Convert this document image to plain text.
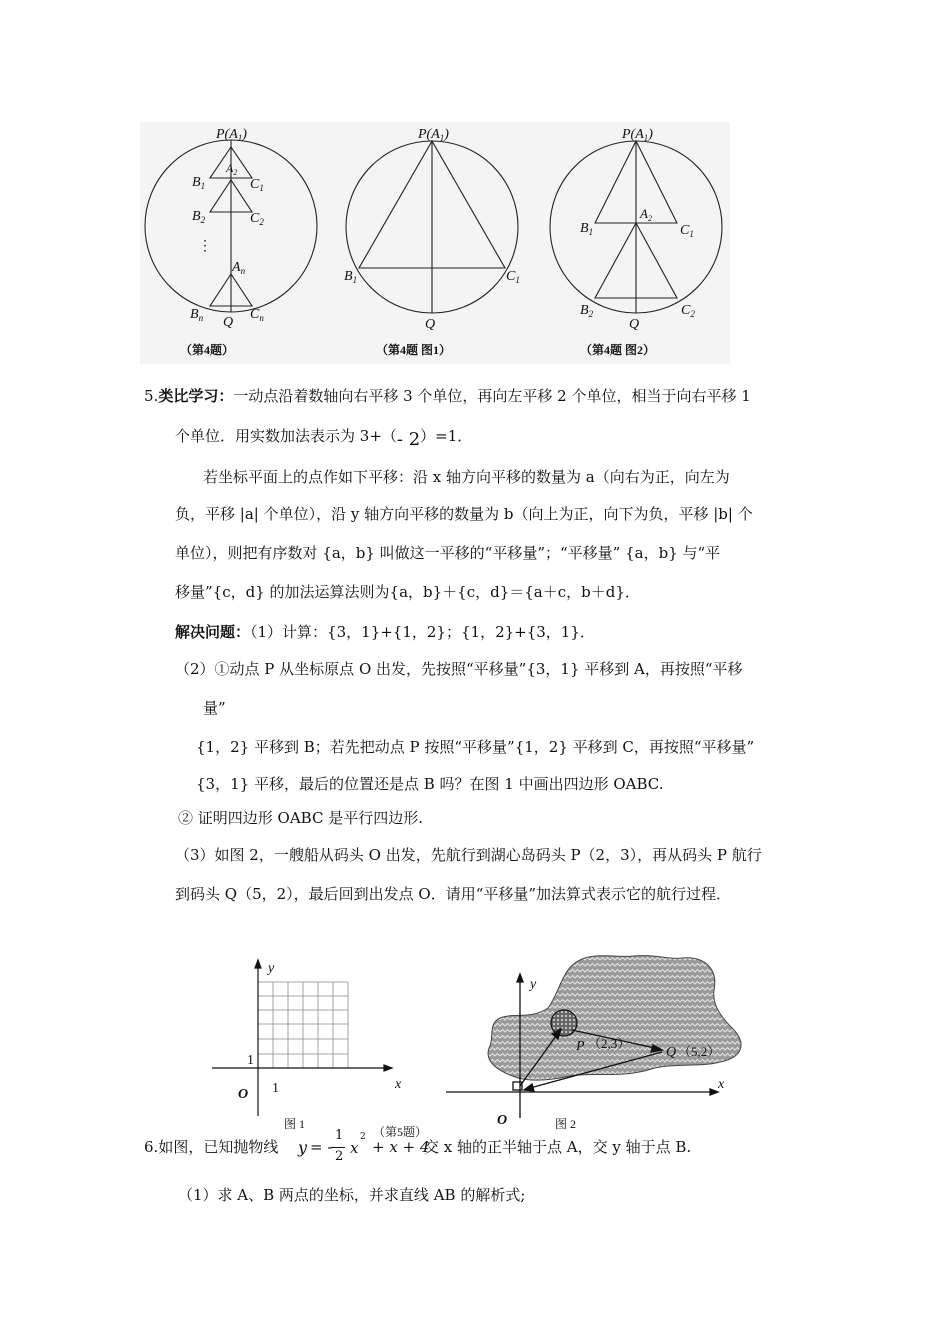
$P(A_1)$
$A_2$
$B_1$	$C_1$
$B_2$	$C_2$
⋮
$A_n$
$B_n$ Q
$C_n$
$P(A_1)$
$B_1$	$C_1$
Q
$P(A_1)$
$A_2$
$B_1$	$C_1$
$B_2$
Q
$C_2$
（第4题）	（第4题 图1）	（第4题 图2）
5.类比学习：一动点沿着数轴向右平移 3 个单位，再向左平移 2 个单位，相当于向右平移 1
个单位．用实数加法表示为 3+（- 2）=1．
若坐标平面上的点作如下平移：沿 x 轴方向平移的数量为 a（向右为正，向左为
负，平移 |a| 个单位），沿 y 轴方向平移的数量为 b（向上为正，向下为负，平移 |b| 个
单位），则把有序数对 {a，b} 叫做这一平移的“平移量”；“平移量” {a，b} 与“平
移量”{c，d} 的加法运算法则为{a，b}＋{c，d}＝{a＋c，b＋d}．
解决问题：（1）计算：{3，1}+{1，2}；{1，2}+{3，1}．
（2）①动点 P 从坐标原点 O 出发，先按照“平移量”{3，1} 平移到 A，再按照“平移
量”
{1，2} 平移到 B；若先把动点 P 按照“平移量”{1，2} 平移到 C，再按照“平移量”
{3，1} 平移，最后的位置还是点 B 吗？在图 1 中画出四边形 OABC.
② 证明四边形 OABC 是平行四边形.
（3）如图 2，一艘船从码头 O 出发，先航行到湖心岛码头 P（2，3），再从码头 P 航行
到码头 Q（5，2），最后回到出发点 O．请用“平移量”加法算式表示它的航行过程．
y
x
O
1
1
图 1
y
x
O
P （2,3）
Q （5,2）
图 2
（第5题）
6.如图，已知抛物线 y = -
1
2 x
2
+ x + 4
交 x 轴的正半轴于点 A，交 y 轴于点 B.
（1）求 A、B 两点的坐标，并求直线 AB 的解析式;
